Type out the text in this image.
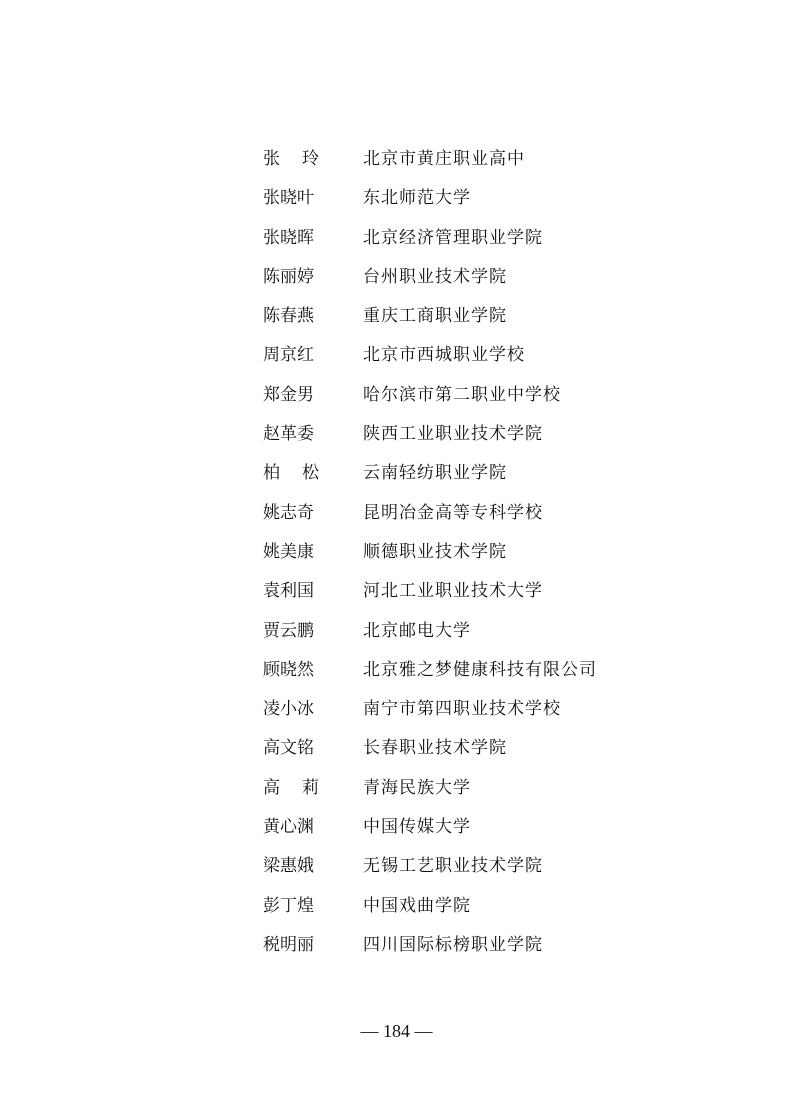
张 玲	北京市黄庄职业高中
张晓叶	东北师范大学
张晓晖	北京经济管理职业学院
陈丽婷	台州职业技术学院
陈春燕	重庆工商职业学院
周京红	北京市西城职业学校
郑金男	哈尔滨市第二职业中学校
赵革委	陕西工业职业技术学院
柏 松	云南轻纺职业学院
姚志奇	昆明冶金高等专科学校
姚美康	顺德职业技术学院
袁利国	河北工业职业技术大学
贾云鹏	北京邮电大学
顾晓然	北京雅之梦健康科技有限公司
凌小冰	南宁市第四职业技术学校
高文铭	长春职业技术学院
高 莉	青海民族大学
黄心渊	中国传媒大学
梁惠娥	无锡工艺职业技术学院
彭丁煌	中国戏曲学院
税明丽	四川国际标榜职业学院
— 184 —
